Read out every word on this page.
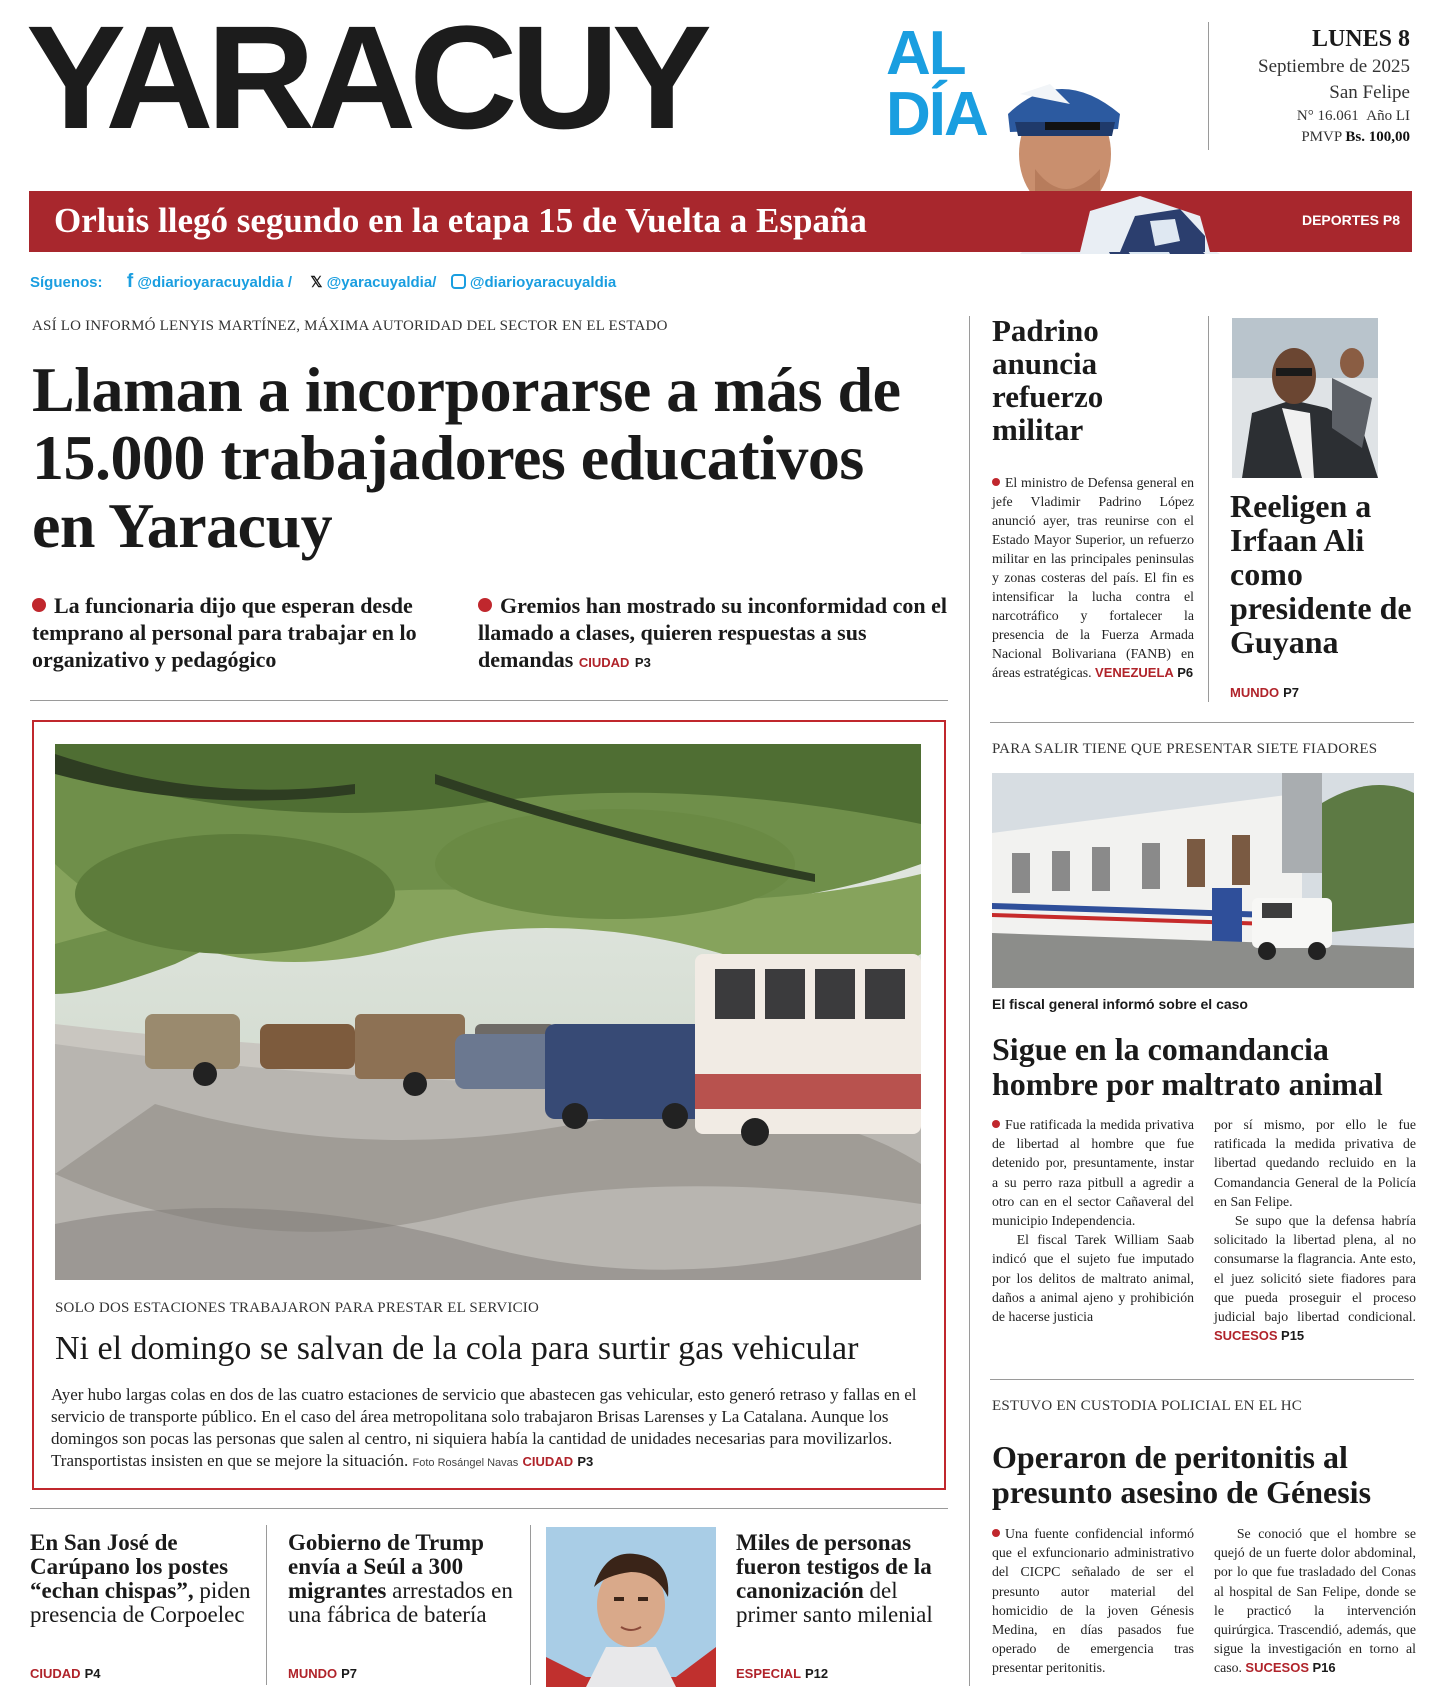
YARACUY	AL
DÍA
LUNES 8
Septiembre de 2025
San Felipe
N° 16.061 Año LI
PMVP Bs. 100,00
Orluis llegó segundo en la etapa 15 de Vuelta a España	DEPORTES P8
Síguenos: f @diarioyaracuyaldia / 𝕏 @yaracuyaldia/ @diarioyaracuyaldia
ASÍ LO INFORMÓ LENYIS MARTÍNEZ, MÁXIMA AUTORIDAD DEL SECTOR EN EL ESTADO
Llaman a incorporarse a más de 15.000 trabajadores educativos en Yaracuy
La funcionaria dijo que esperan desde temprano al personal para trabajar en lo organizativo y pedagógico
Gremios han mostrado su inconformidad con el llamado a clases, quieren respuestas a sus demandas CIUDAD P3
SOLO DOS ESTACIONES TRABAJARON PARA PRESTAR EL SERVICIO
Ni el domingo se salvan de la cola para surtir gas vehicular
Ayer hubo largas colas en dos de las cuatro estaciones de servicio que abastecen gas vehicular, esto generó retraso y fallas en el servicio de transporte público. En el caso del área metropolitana solo trabajaron Brisas Larenses y La Catalana. Aunque los domingos son pocas las personas que salen al centro, ni siquiera había la cantidad de unidades necesarias para movilizarlos. Transportistas insisten en que se mejore la situación. Foto Rosángel Navas CIUDAD P3
En San José de Carúpano los postes “echan chispas”, piden presencia de Corpoelec
CIUDAD P4
Gobierno de Trump envía a Seúl a 300 migrantes arrestados en una fábrica de batería
MUNDO P7
Miles de personas fueron testigos de la canonización del primer santo milenial
ESPECIAL P12
Padrino anuncia refuerzo militar
El ministro de Defensa general en jefe Vladimir Padrino López anunció ayer, tras reunirse con el Estado Mayor Superior, un refuerzo militar en las principales peninsulas y zonas costeras del país. El fin es intensificar la lucha contra el narcotráfico y fortalecer la presencia de la Fuerza Armada Nacional Bolivariana (FANB) en áreas estratégicas. VENEZUELA P6
Reeligen a Irfaan Ali como presidente de Guyana
MUNDO P7
PARA SALIR TIENE QUE PRESENTAR SIETE FIADORES
El fiscal general informó sobre el caso
Sigue en la comandancia hombre por maltrato animal
Fue ratificada la medida privativa de libertad al hombre que fue detenido por, presuntamente, instar a su perro raza pitbull a agredir a otro can en el sector Cañaveral del municipio Independencia.
El fiscal Tarek William Saab indicó que el sujeto fue imputado por los delitos de maltrato animal, daños a animal ajeno y prohibición de hacerse justicia
por sí mismo, por ello le fue ratificada la medida privativa de libertad quedando recluido en la Comandancia General de la Policía en San Felipe.
Se supo que la defensa habría solicitado la libertad plena, al no consumarse la flagrancia. Ante esto, el juez solicitó siete fiadores para que pueda proseguir el proceso judicial bajo libertad condicional. SUCESOS P15
ESTUVO EN CUSTODIA POLICIAL EN EL HC
Operaron de peritonitis al presunto asesino de Génesis
Una fuente confidencial informó que el exfuncionario administrativo del CICPC señalado de ser el presunto autor material del homicidio de la joven Génesis Medina, en días pasados fue operado de emergencia tras presentar peritonitis.
Se conoció que el hombre se quejó de un fuerte dolor abdominal, por lo que fue trasladado del Conas al hospital de San Felipe, donde se le practicó la intervención quirúrgica. Trascendió, además, que sigue la investigación en torno al caso. SUCESOS P16
